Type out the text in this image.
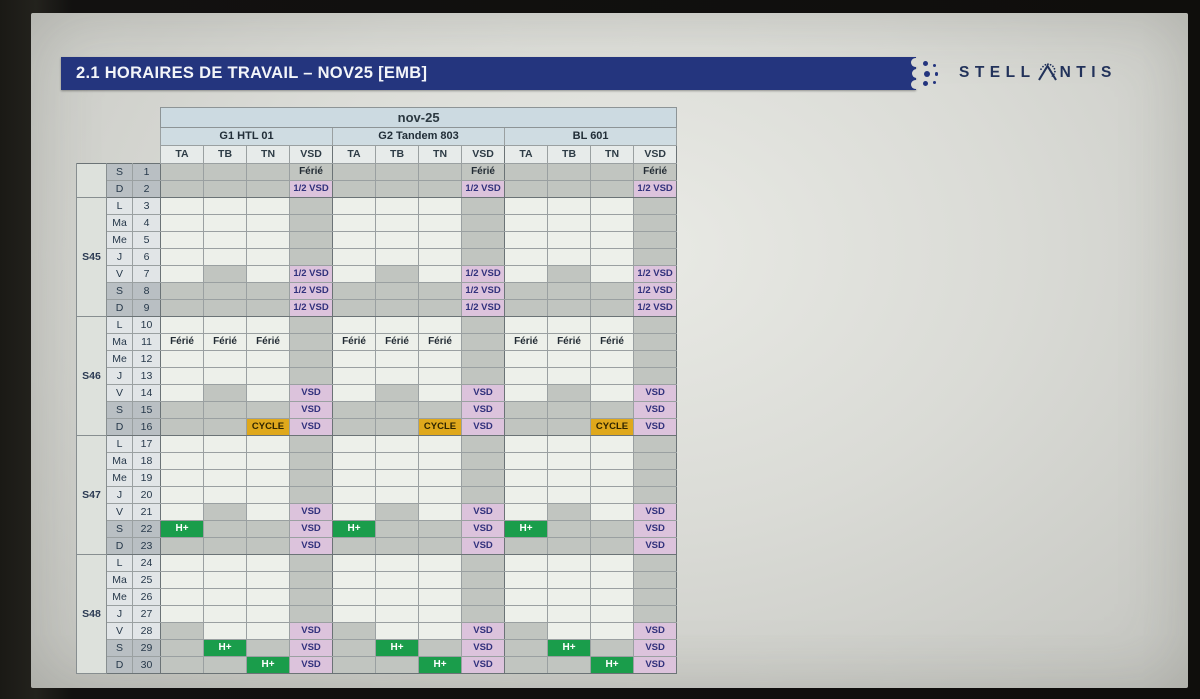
2.1 HORAIRES DE TRAVAIL – NOV25 [EMB]	STELL NTIS
			nov-25											
			G1 HTL 01				G2 Tandem 803				BL 601			
			TA	TB	TN	VSD	TA	TB	TN	VSD	TA	TB	TN	VSD
	S	1				Férié				Férié				Férié
	D	2				1/2 VSD				1/2 VSD				1/2 VSD
S45	L	3												
	Ma	4												
	Me	5												
	J	6												
	V	7				1/2 VSD				1/2 VSD				1/2 VSD
	S	8				1/2 VSD				1/2 VSD				1/2 VSD
	D	9				1/2 VSD				1/2 VSD				1/2 VSD
S46	L	10												
	Ma	11	Férié	Férié	Férié		Férié	Férié	Férié		Férié	Férié	Férié	
	Me	12												
	J	13												
	V	14				VSD				VSD				VSD
	S	15				VSD				VSD				VSD
	D	16			CYCLE	VSD			CYCLE	VSD			CYCLE	VSD
S47	L	17												
	Ma	18												
	Me	19												
	J	20												
	V	21				VSD				VSD				VSD
	S	22	H+			VSD	H+			VSD	H+			VSD
	D	23				VSD				VSD				VSD
S48	L	24												
	Ma	25												
	Me	26												
	J	27												
	V	28				VSD				VSD				VSD
	S	29		H+		VSD		H+		VSD		H+		VSD
	D	30			H+	VSD			H+	VSD			H+	VSD
